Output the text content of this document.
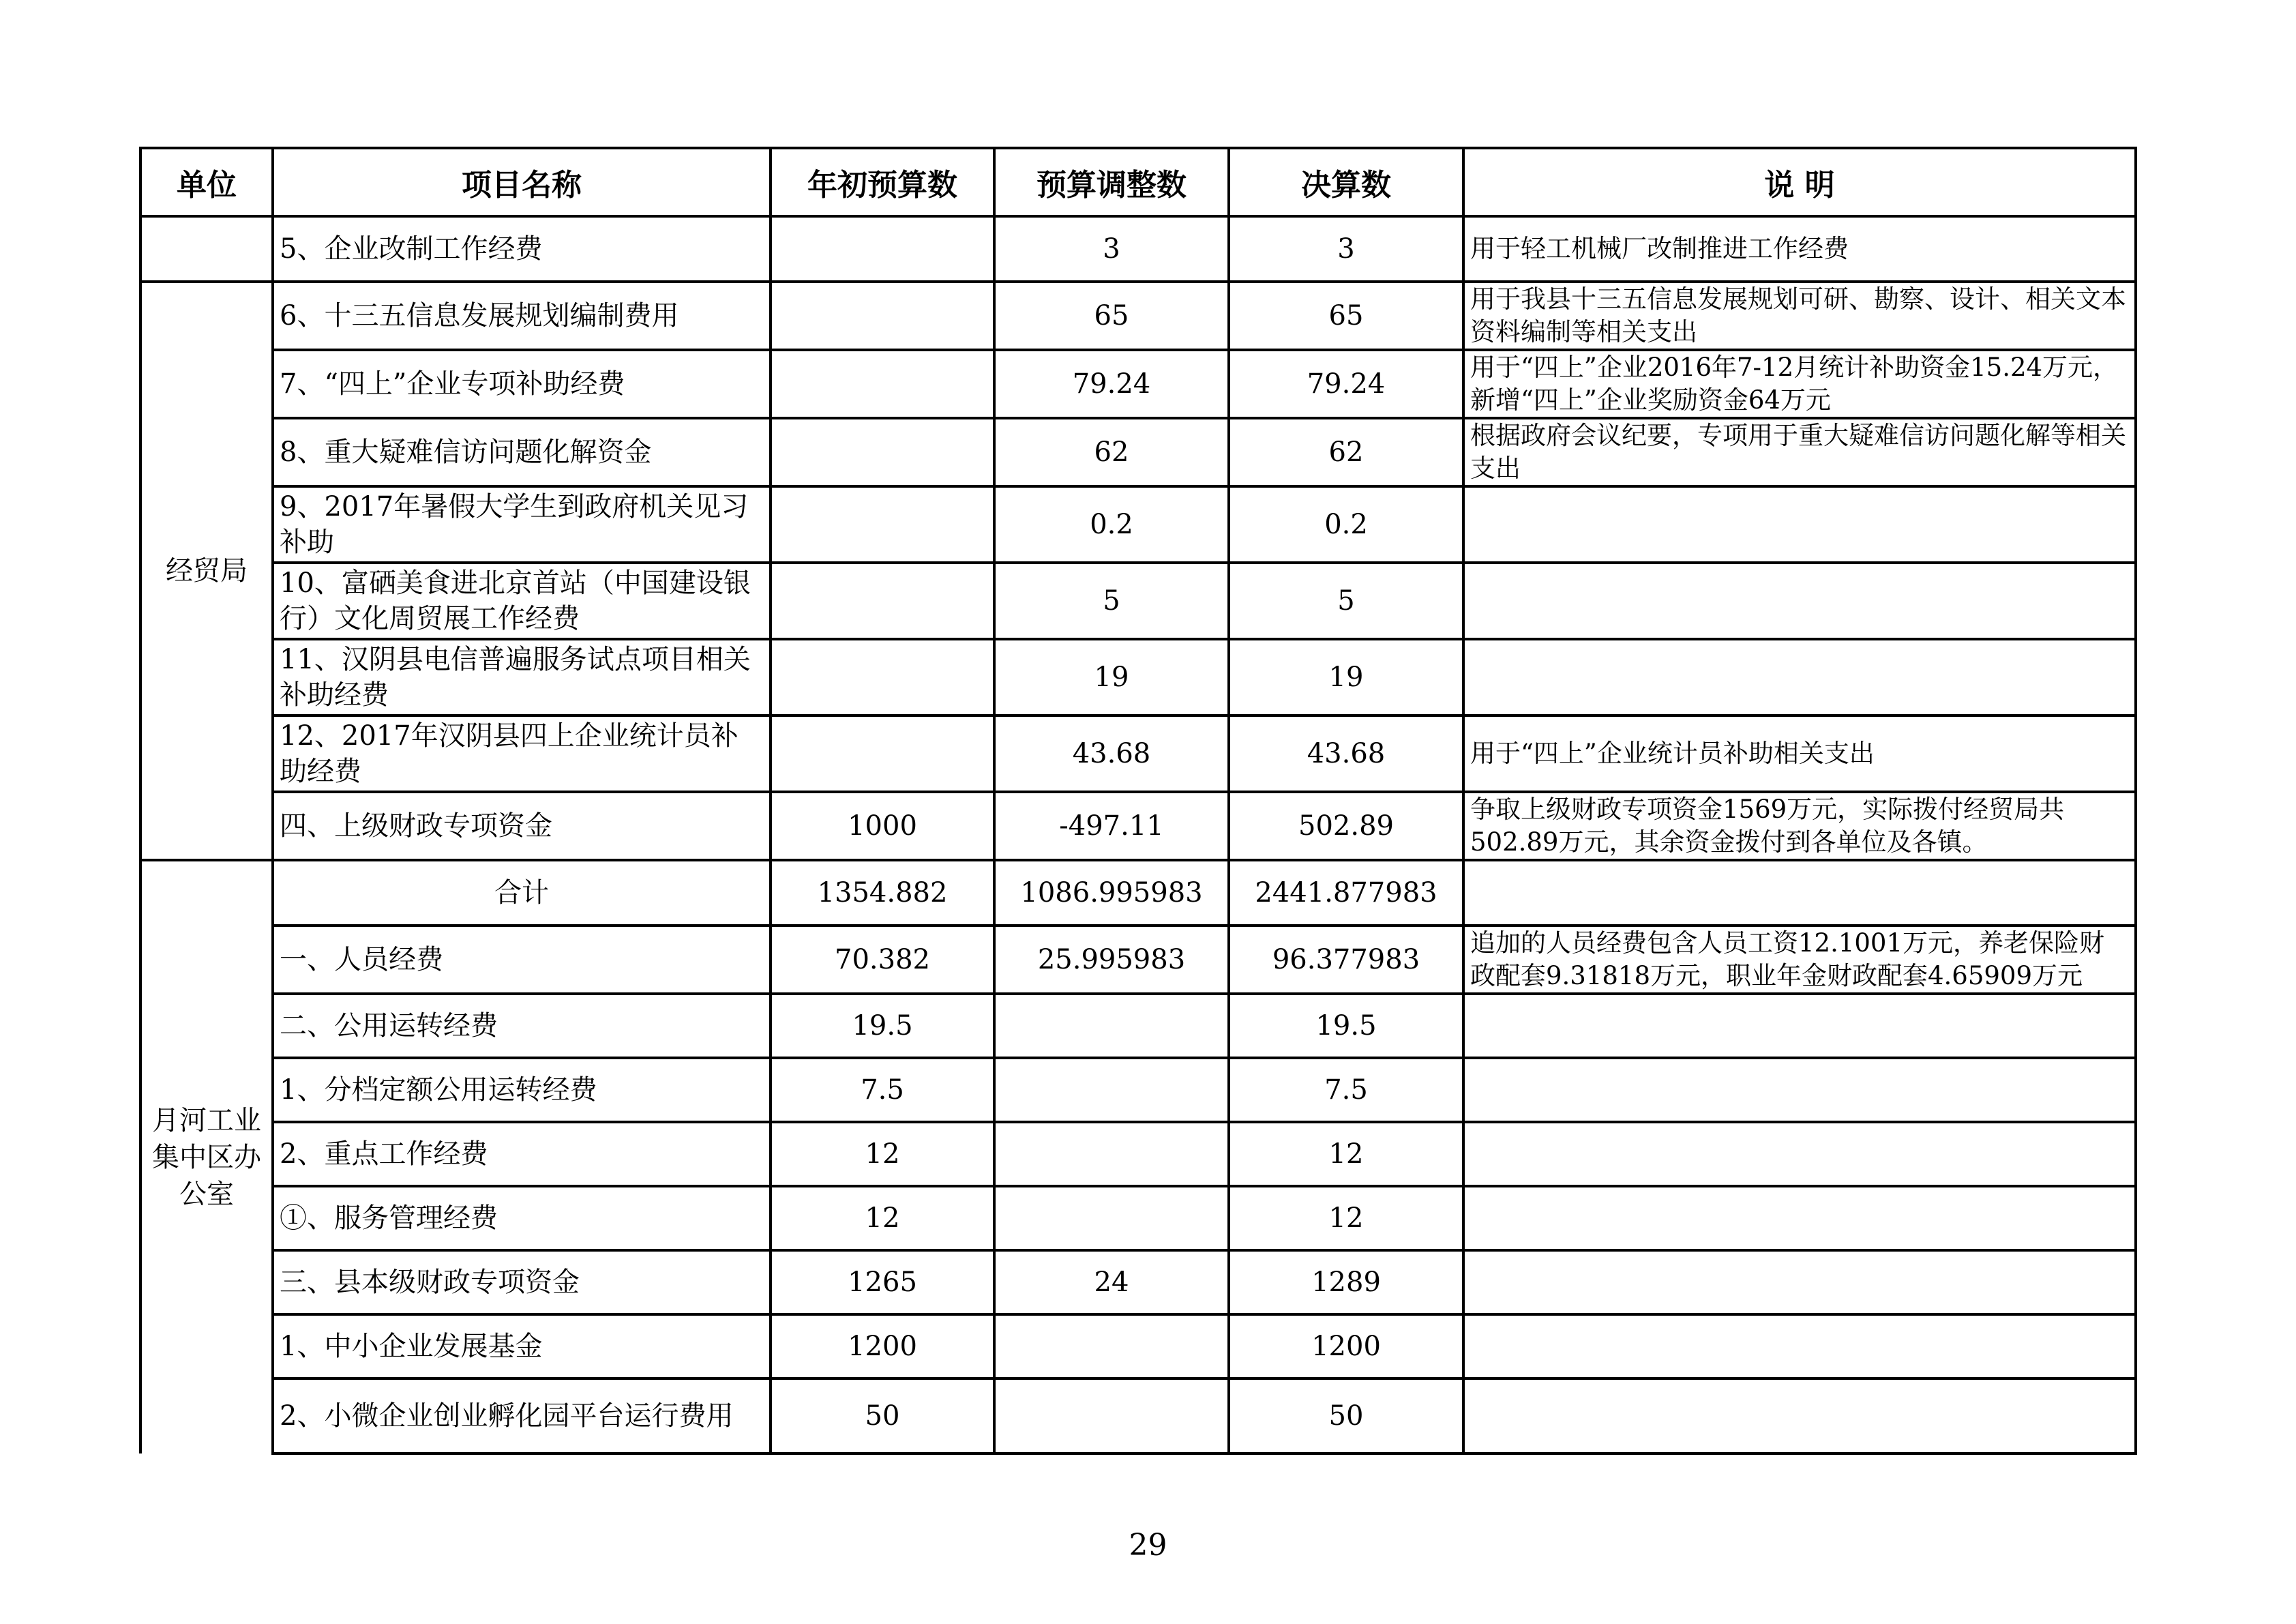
单位	项目名称	年初预算数	预算调整数	决算数	说 明
	5、企业改制工作经费		3	3	用于轻工机械厂改制推进工作经费
经贸局	6、十三五信息发展规划编制费用		65	65	用于我县十三五信息发展规划可研、勘察、设计、相关文本资料编制等相关支出
	7、“四上”企业专项补助经费		79.24	79.24	用于“四上”企业2016年7-12月统计补助资金15.24万元，新增“四上”企业奖励资金64万元
	8、重大疑难信访问题化解资金		62	62	根据政府会议纪要，专项用于重大疑难信访问题化解等相关支出
	9、2017年暑假大学生到政府机关见习补助		0.2	0.2	
	10、富硒美食进北京首站（中国建设银行）文化周贸展工作经费		5	5	
	11、汉阴县电信普遍服务试点项目相关补助经费		19	19	
	12、2017年汉阴县四上企业统计员补助经费		43.68	43.68	用于“四上”企业统计员补助相关支出
	四、上级财政专项资金	1000	-497.11	502.89	争取上级财政专项资金1569万元，实际拨付经贸局共502.89万元，其余资金拨付到各单位及各镇。
月河工业集中区办公室	合计	1354.882	1086.995983	2441.877983	
	一、人员经费	70.382	25.995983	96.377983	追加的人员经费包含人员工资12.1001万元，养老保险财政配套9.31818万元，职业年金财政配套4.65909万元
	二、公用运转经费	19.5		19.5	
	1、分档定额公用运转经费	7.5		7.5	
	2、重点工作经费	12		12	
	①、服务管理经费	12		12	
	三、县本级财政专项资金	1265	24	1289	
	1、中小企业发展基金	1200		1200	
	2、小微企业创业孵化园平台运行费用	50		50	
29
